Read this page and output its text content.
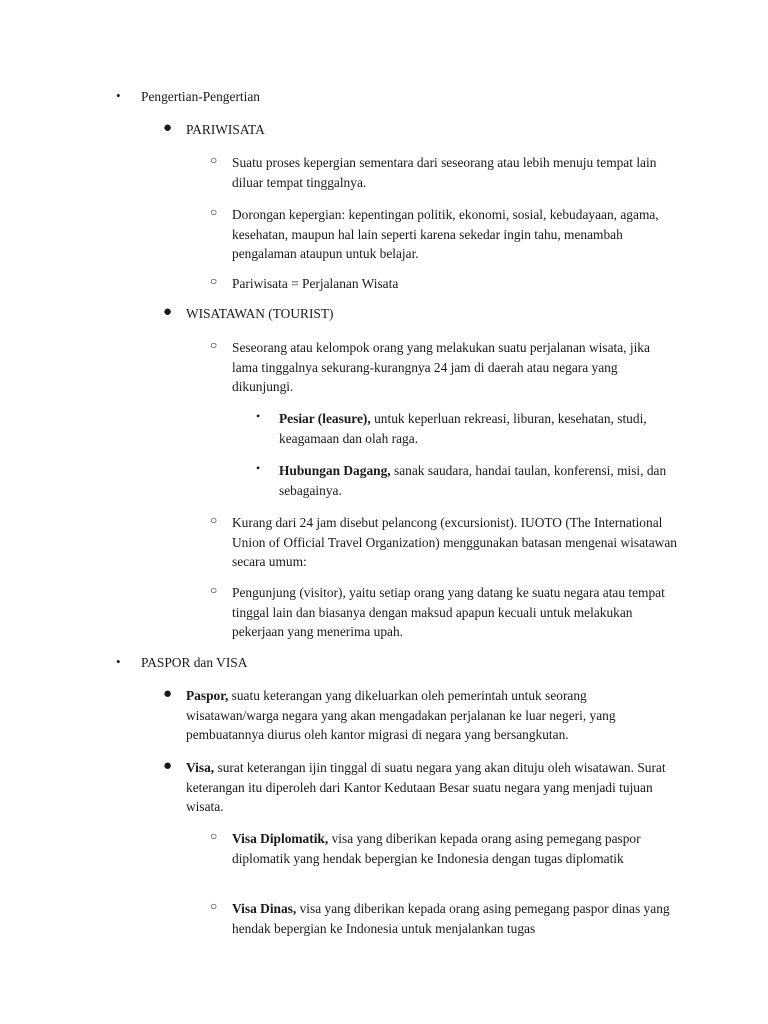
• Pengertian-Pengertian
● PARIWISATA
○ Suatu proses kepergian sementara dari seseorang atau lebih menuju tempat lain diluar tempat tinggalnya.
○ Dorongan kepergian: kepentingan politik, ekonomi, sosial, kebudayaan, agama, kesehatan, maupun hal lain seperti karena sekedar ingin tahu, menambah pengalaman ataupun untuk belajar.
○ Pariwisata = Perjalanan Wisata
● WISATAWAN (TOURIST)
○ Seseorang atau kelompok orang yang melakukan suatu perjalanan wisata, jika lama tinggalnya sekurang-kurangnya 24 jam di daerah atau negara yang dikunjungi.
• Pesiar (leasure), untuk keperluan rekreasi, liburan, kesehatan, studi, keagamaan dan olah raga.
• Hubungan Dagang, sanak saudara, handai taulan, konferensi, misi, dan sebagainya.
○ Kurang dari 24 jam disebut pelancong (excursionist). IUOTO (The International Union of Official Travel Organization) menggunakan batasan mengenai wisatawan secara umum:
○ Pengunjung (visitor), yaitu setiap orang yang datang ke suatu negara atau tempat tinggal lain dan biasanya dengan maksud apapun kecuali untuk melakukan pekerjaan yang menerima upah.
• PASPOR dan VISA
● Paspor, suatu keterangan yang dikeluarkan oleh pemerintah untuk seorang wisatawan/warga negara yang akan mengadakan perjalanan ke luar negeri, yang pembuatannya diurus oleh kantor migrasi di negara yang bersangkutan.
● Visa, surat keterangan ijin tinggal di suatu negara yang akan dituju oleh wisatawan. Surat keterangan itu diperoleh dari Kantor Kedutaan Besar suatu negara yang menjadi tujuan wisata.
○ Visa Diplomatik, visa yang diberikan kepada orang asing pemegang paspor diplomatik yang hendak bepergian ke Indonesia dengan tugas diplomatik
○ Visa Dinas, visa yang diberikan kepada orang asing pemegang paspor dinas yang hendak bepergian ke Indonesia untuk menjalankan tugas
